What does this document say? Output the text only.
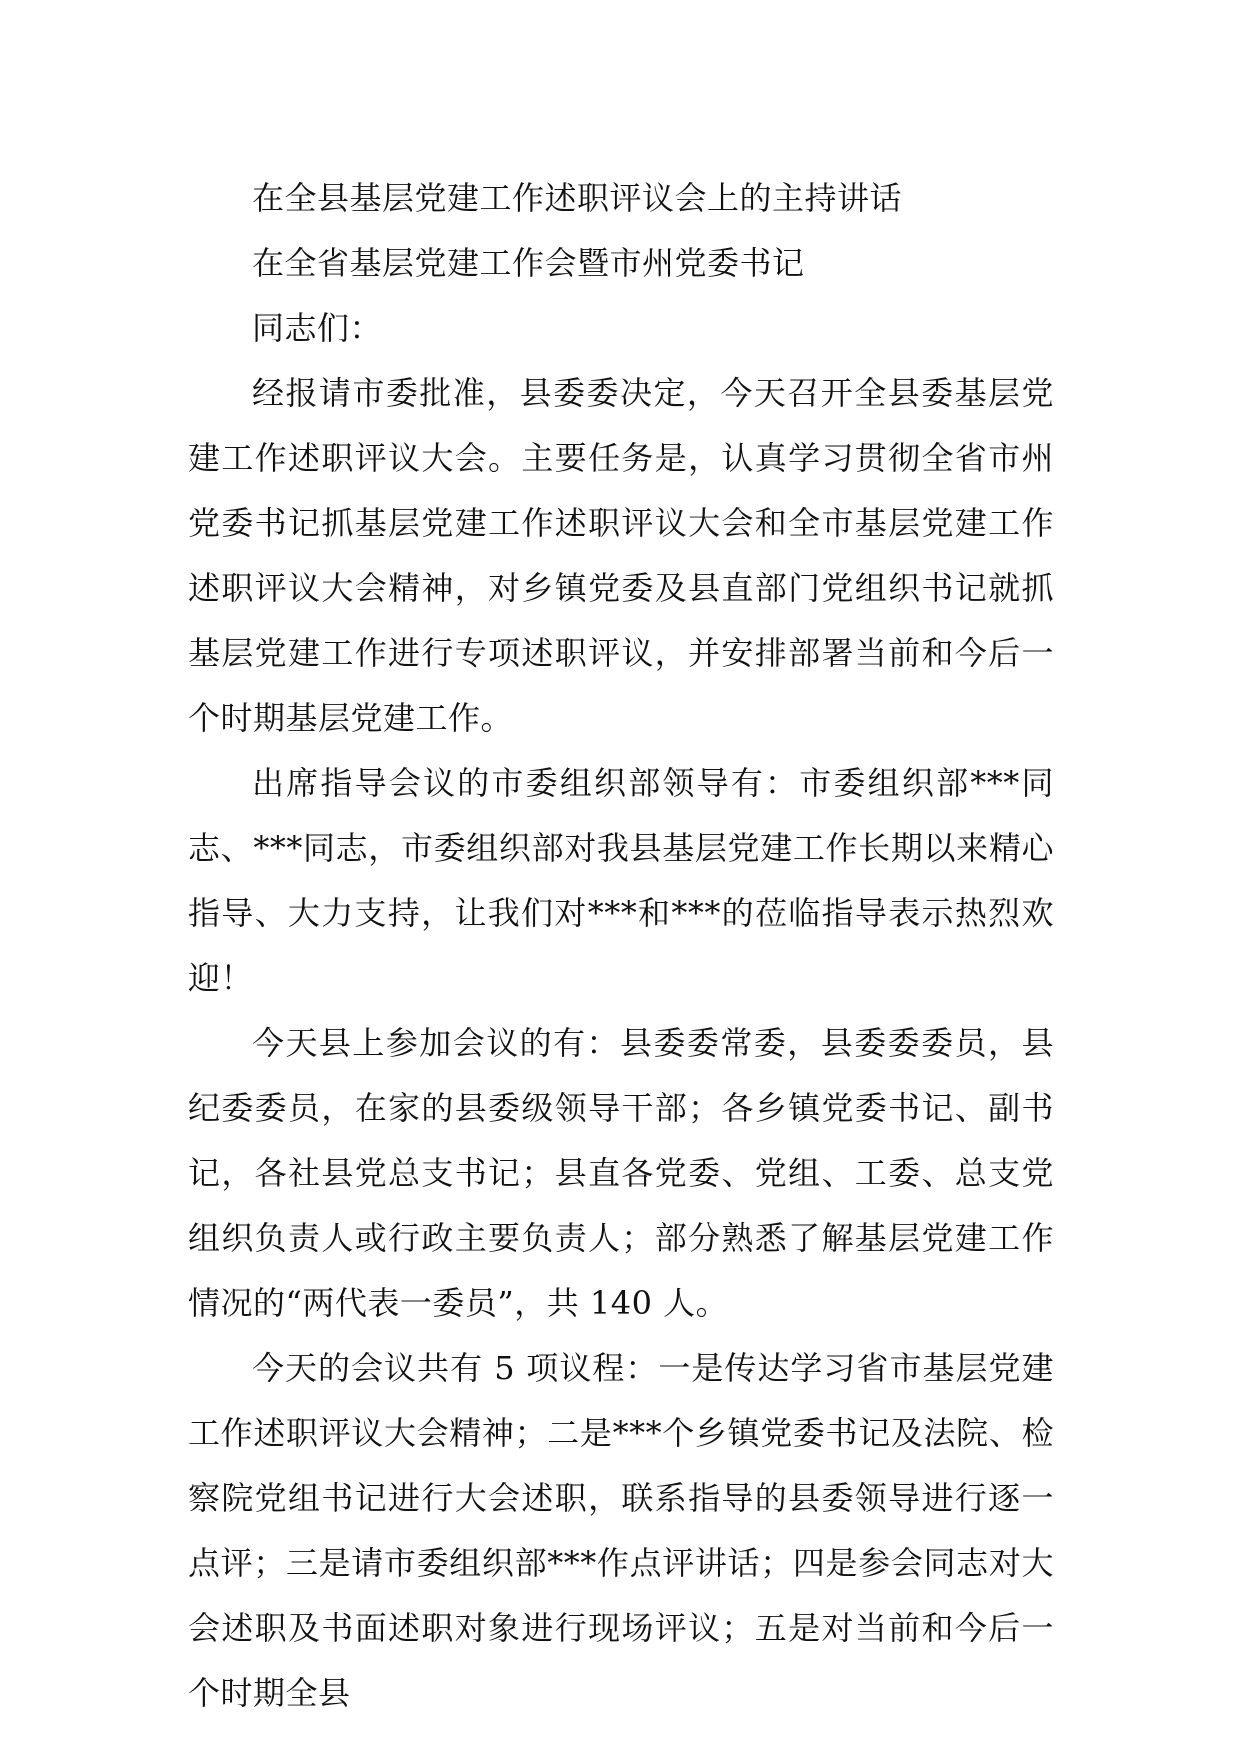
在全县基层党建工作述职评议会上的主持讲话

在全省基层党建工作会暨市州党委书记

同志们：

经报请市委批准，县委委决定，今天召开全县委基层党建工作述职评议大会。主要任务是，认真学习贯彻全省市州党委书记抓基层党建工作述职评议大会和全市基层党建工作述职评议大会精神，对乡镇党委及县直部门党组织书记就抓基层党建工作进行专项述职评议，并安排部署当前和今后一个时期基层党建工作。

出席指导会议的市委组织部领导有：市委组织部***同志、***同志，市委组织部对我县基层党建工作长期以来精心指导、大力支持，让我们对***和***的莅临指导表示热烈欢迎！

今天县上参加会议的有：县委委常委，县委委委员，县纪委委员，在家的县委级领导干部；各乡镇党委书记、副书记，各社县党总支书记；县直各党委、党组、工委、总支党组织负责人或行政主要负责人；部分熟悉了解基层党建工作情况的“两代表一委员”，共 140 人。

今天的会议共有 5 项议程：一是传达学习省市基层党建工作述职评议大会精神；二是***个乡镇党委书记及法院、检察院党组书记进行大会述职，联系指导的县委领导进行逐一点评；三是请市委组织部***作点评讲话；四是参会同志对大会述职及书面述职对象进行现场评议；五是对当前和今后一个时期全县
